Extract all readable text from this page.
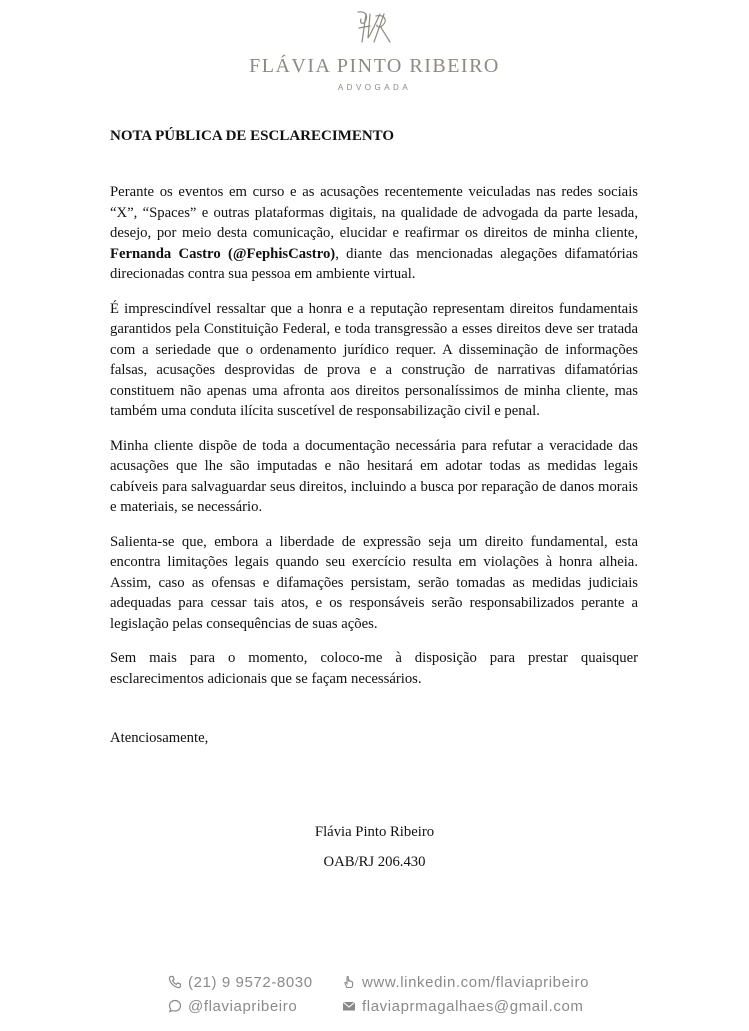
FLÁVIA PINTO RIBEIRO
ADVOGADA
NOTA PÚBLICA DE ESCLARECIMENTO

Perante os eventos em curso e as acusações recentemente veiculadas nas redes sociais “X”, “Spaces” e outras plataformas digitais, na qualidade de advogada da parte lesada, desejo, por meio desta comunicação, elucidar e reafirmar os direitos de minha cliente, Fernanda Castro (@FephisCastro), diante das mencionadas alegações difamatórias direcionadas contra sua pessoa em ambiente virtual.

É imprescindível ressaltar que a honra e a reputação representam direitos fundamentais garantidos pela Constituição Federal, e toda transgressão a esses direitos deve ser tratada com a seriedade que o ordenamento jurídico requer. A disseminação de informações falsas, acusações desprovidas de prova e a construção de narrativas difamatórias constituem não apenas uma afronta aos direitos personalíssimos de minha cliente, mas também uma conduta ilícita suscetível de responsabilização civil e penal.

Minha cliente dispõe de toda a documentação necessária para refutar a veracidade das acusações que lhe são imputadas e não hesitará em adotar todas as medidas legais cabíveis para salvaguardar seus direitos, incluindo a busca por reparação de danos morais e materiais, se necessário.

Salienta-se que, embora a liberdade de expressão seja um direito fundamental, esta encontra limitações legais quando seu exercício resulta em violações à honra alheia. Assim, caso as ofensas e difamações persistam, serão tomadas as medidas judiciais adequadas para cessar tais atos, e os responsáveis serão responsabilizados perante a legislação pelas consequências de suas ações.

Sem mais para o momento, coloco-me à disposição para prestar quaisquer esclarecimentos adicionais que se façam necessários.

Atenciosamente,
Flávia Pinto Ribeiro
OAB/RJ 206.430
(21) 9 9572-8030	www.linkedin.com/flaviapribeiro
@flaviapribeiro	flaviaprmagalhaes@gmail.com
